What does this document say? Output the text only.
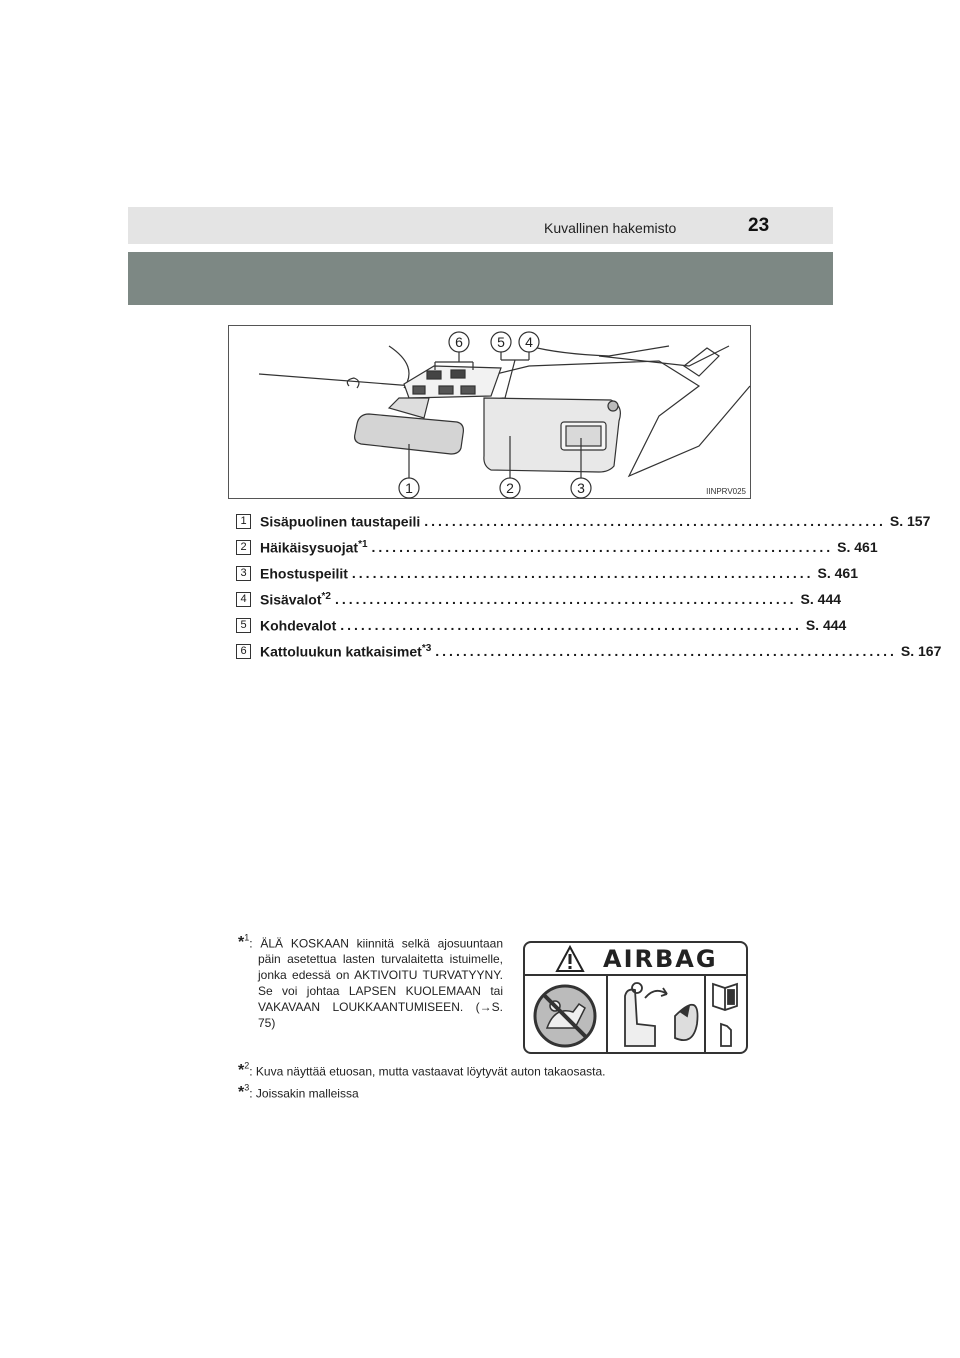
Kuvallinen hakemisto	23
6 5 4
1	2	3	IINPRV025
1 Sisäpuolinen taustapeili ................................................................... S. 157
2 Häikäisysuojat$^{*1}$ ................................................................... S. 461
3 Ehostuspeilit ................................................................... S. 461
4 Sisävalot$^{*2}$ ................................................................... S. 444
5 Kohdevalot ................................................................... S. 444
6 Kattoluukun katkaisimet$^{*3}$ ................................................................... S. 167
*$^1$: ÄLÄ KOSKAAN kiinnitä selkä ajosuuntaan päin asetettua lasten turvalaitetta istuimelle, jonka edessä on AKTIVOITU TURVATYYNY. Se voi johtaa LAPSEN KUOLEMAAN tai VAKAVAAN LOUKKAANTUMISEEN. (→S. 75)
*$^2$: Kuva näyttää etuosan, mutta vastaavat löytyvät auton takaosasta.
*$^3$: Joissakin malleissa
AIRBAG
